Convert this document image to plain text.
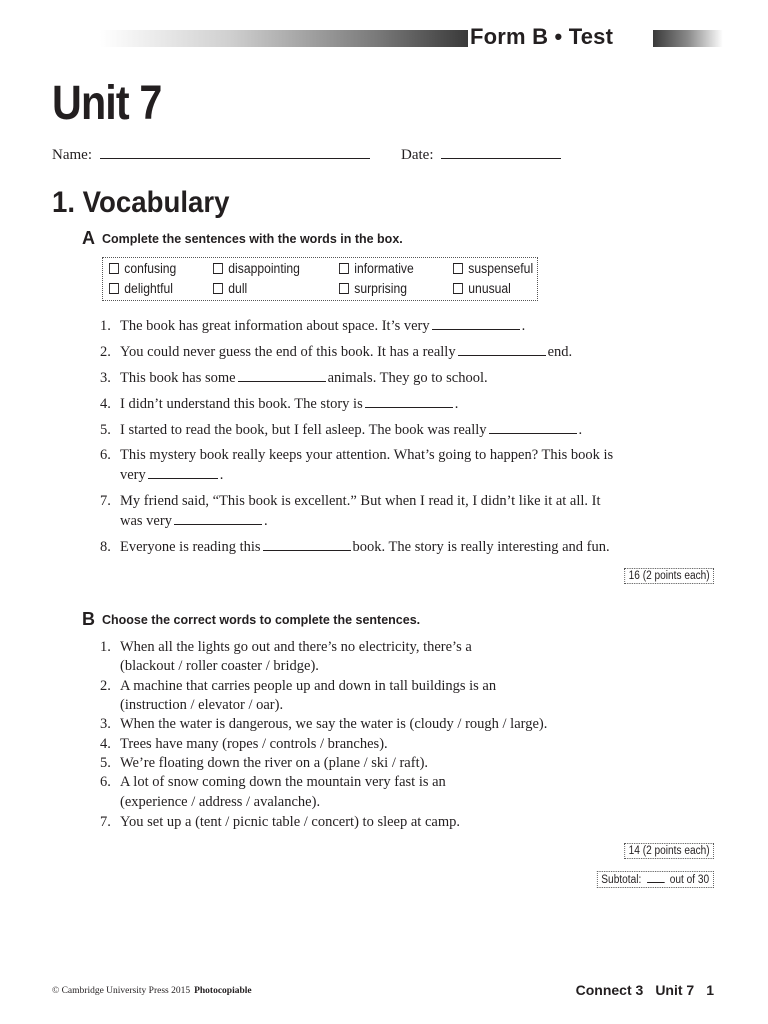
Form B • Test
Unit 7
Name:	Date:
1. Vocabulary
A Complete the sentences with the words in the box.
confusing	disappointing	informative	suspenseful
delightful	dull	surprising	unusual
1. The book has great information about space. It’s very	.
2. You could never guess the end of this book. It has a really	end.
3. This book has some	animals. They go to school.
4. I didn’t understand this book. The story is	.
5. I started to read the book, but I fell asleep. The book was really	.
6. This mystery book really keeps your attention. What’s going to happen? This book is
very	.
7. My friend said, “This book is excellent.” But when I read it, I didn’t like it at all. It
was very	.
8. Everyone is reading this	book. The story is really interesting and fun.
16 (2 points each)
B Choose the correct words to complete the sentences.
1. When all the lights go out and there’s no electricity, there’s a
(blackout / roller coaster / bridge).
2. A machine that carries people up and down in tall buildings is an
(instruction / elevator / oar).
3. When the water is dangerous, we say the water is (cloudy / rough / large).
4. Trees have many (ropes / controls / branches).
5. We’re floating down the river on a (plane / ski / raft).
6. A lot of snow coming down the mountain very fast is an
(experience / address / avalanche).
7. You set up a (tent / picnic table / concert) to sleep at camp.
14 (2 points each)
Subtotal: out of 30
© Cambridge University Press 2015 Photocopiable	Connect 3 Unit 7 1
